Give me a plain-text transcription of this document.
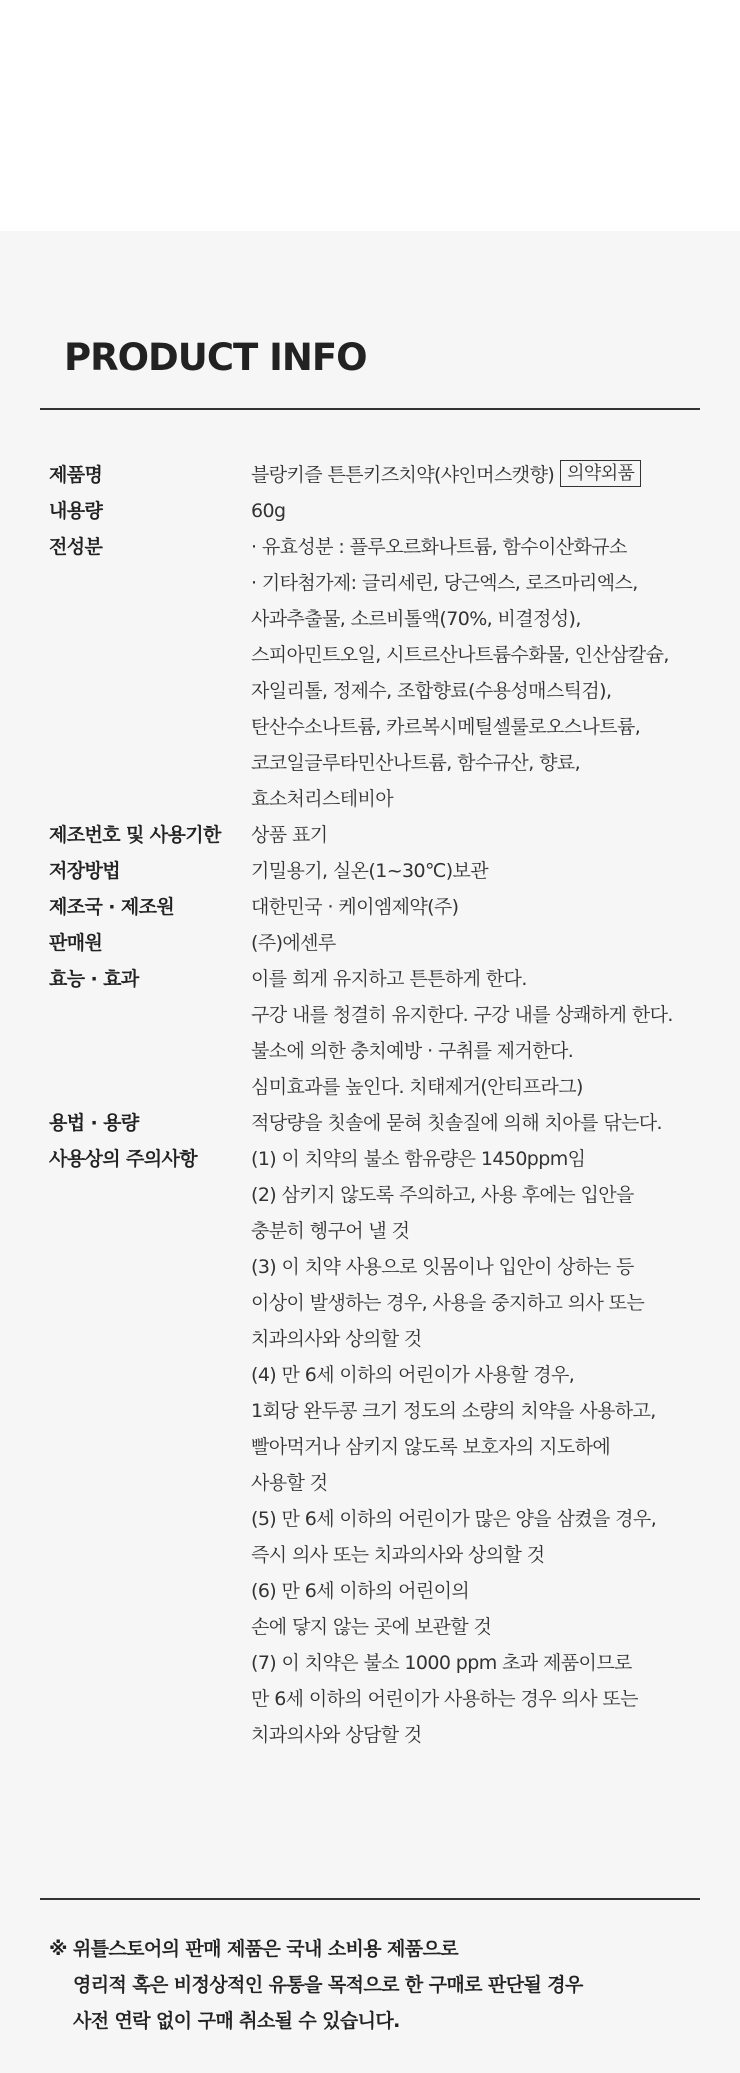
PRODUCT INFO
제품명	블랑키즐 튼튼키즈치약(샤인머스캣향) 의약외품
내용량	60g
전성분	· 유효성분 : 플루오르화나트륨, 함수이산화규소
· 기타첨가제: 글리세린, 당근엑스, 로즈마리엑스,
사과추출물, 소르비톨액(70%, 비결정성),
스피아민트오일, 시트르산나트륨수화물, 인산삼칼슘,
자일리톨, 정제수, 조합향료(수용성매스틱검),
탄산수소나트륨, 카르복시메틸셀룰로오스나트륨,
코코일글루타민산나트륨, 함수규산, 향료,
효소처리스테비아
제조번호 및 사용기한	상품 표기
저장방법	기밀용기, 실온(1~30℃)보관
제조국 · 제조원	대한민국 · 케이엠제약(주)
판매원	(주)에센루
효능 · 효과	이를 희게 유지하고 튼튼하게 한다.
구강 내를 청결히 유지한다. 구강 내를 상쾌하게 한다.
불소에 의한 충치예방 · 구취를 제거한다.
심미효과를 높인다. 치태제거(안티프라그)
용법 · 용량	적당량을 칫솔에 묻혀 칫솔질에 의해 치아를 닦는다.
사용상의 주의사항	(1) 이 치약의 불소 함유량은 1450ppm임
(2) 삼키지 않도록 주의하고, 사용 후에는 입안을
충분히 헹구어 낼 것
(3) 이 치약 사용으로 잇몸이나 입안이 상하는 등
이상이 발생하는 경우, 사용을 중지하고 의사 또는
치과의사와 상의할 것
(4) 만 6세 이하의 어린이가 사용할 경우,
1회당 완두콩 크기 정도의 소량의 치약을 사용하고,
빨아먹거나 삼키지 않도록 보호자의 지도하에
사용할 것
(5) 만 6세 이하의 어린이가 많은 양을 삼켰을 경우,
즉시 의사 또는 치과의사와 상의할 것
(6) 만 6세 이하의 어린이의
손에 닿지 않는 곳에 보관할 것
(7) 이 치약은 불소 1000 ppm 초과 제품이므로
만 6세 이하의 어린이가 사용하는 경우 의사 또는
치과의사와 상담할 것
※ 위틀스토어의 판매 제품은 국내 소비용 제품으로
영리적 혹은 비정상적인 유통을 목적으로 한 구매로 판단될 경우
사전 연락 없이 구매 취소될 수 있습니다.
